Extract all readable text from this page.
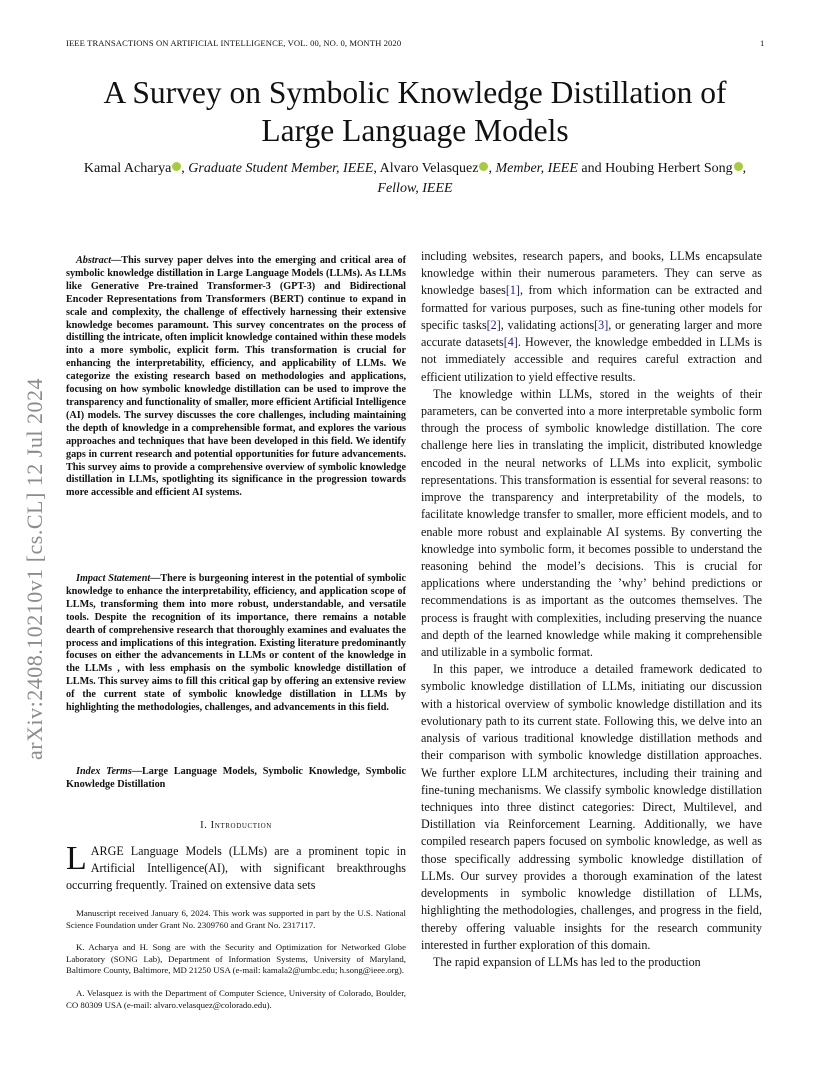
IEEE TRANSACTIONS ON ARTIFICIAL INTELLIGENCE, VOL. 00, NO. 0, MONTH 2020	1
A Survey on Symbolic Knowledge Distillation of
Large Language Models
Kamal Acharya , Graduate Student Member, IEEE, Alvaro Velasquez , Member, IEEE and Houbing Herbert Song , Fellow, IEEE
arXiv:2408.10210v1 [cs.CL] 12 Jul 2024

Abstract—This survey paper delves into the emerging and critical area of symbolic knowledge distillation in Large Language Models (LLMs). As LLMs like Generative Pre-trained Transformer-3 (GPT-3) and Bidirectional Encoder Representations from Transformers (BERT) continue to expand in scale and complexity, the challenge of effectively harnessing their extensive knowledge becomes paramount. This survey concentrates on the process of distilling the intricate, often implicit knowledge contained within these models into a more symbolic, explicit form. This transformation is crucial for enhancing the interpretability, efficiency, and applicability of LLMs. We categorize the existing research based on methodologies and applications, focusing on how symbolic knowledge distillation can be used to improve the transparency and functionality of smaller, more efficient Artificial Intelligence (AI) models. The survey discusses the core challenges, including maintaining the depth of knowledge in a comprehensible format, and explores the various approaches and techniques that have been developed in this field. We identify gaps in current research and potential opportunities for future advancements. This survey aims to provide a comprehensive overview of symbolic knowledge distillation in LLMs, spotlighting its significance in the progression towards more accessible and efficient AI systems.

Impact Statement—There is burgeoning interest in the potential of symbolic knowledge to enhance the interpretability, efficiency, and application scope of LLMs, transforming them into more robust, understandable, and versatile tools. Despite the recognition of its importance, there remains a notable dearth of comprehensive research that thoroughly examines and evaluates the process and implications of this integration. Existing literature predominantly focuses on either the advancements in LLMs or content of the knowledge in the LLMs , with less emphasis on the symbolic knowledge distillation of LLMs. This survey aims to fill this critical gap by offering an extensive review of the current state of symbolic knowledge distillation in LLMs by highlighting the methodologies, challenges, and advancements in this field.

Index Terms—Large Language Models, Symbolic Knowledge, Symbolic Knowledge Distillation

I. Introduction

LARGE Language Models (LLMs) are a prominent topic in Artificial Intelligence(AI), with significant breakthroughs occurring frequently. Trained on extensive data sets

Manuscript received January 6, 2024. This work was supported in part by the U.S. National Science Foundation under Grant No. 2309760 and Grant No. 2317117.

K. Acharya and H. Song are with the Security and Optimization for Networked Globe Laboratory (SONG Lab), Department of Information Systems, University of Maryland, Baltimore County, Baltimore, MD 21250 USA (e-mail: kamala2@umbc.edu; h.song@ieee.org).

A. Velasquez is with the Department of Computer Science, University of Colorado, Boulder, CO 80309 USA (e-mail: alvaro.velasquez@colorado.edu).

including websites, research papers, and books, LLMs encapsulate knowledge within their numerous parameters. They can serve as knowledge bases[1], from which information can be extracted and formatted for various purposes, such as fine-tuning other models for specific tasks[2], validating actions[3], or generating larger and more accurate datasets[4]. However, the knowledge embedded in LLMs is not immediately accessible and requires careful extraction and efficient utilization to yield effective results.

The knowledge within LLMs, stored in the weights of their parameters, can be converted into a more interpretable symbolic form through the process of symbolic knowledge distillation. The core challenge here lies in translating the implicit, distributed knowledge encoded in the neural networks of LLMs into explicit, symbolic representations. This transformation is essential for several reasons: to improve the transparency and interpretability of the models, to facilitate knowledge transfer to smaller, more efficient models, and to enable more robust and explainable AI systems. By converting the knowledge into symbolic form, it becomes possible to understand the reasoning behind the model’s decisions. This is crucial for applications where understanding the ’why’ behind predictions or recommendations is as important as the outcomes themselves. The process is fraught with complexities, including preserving the nuance and depth of the learned knowledge while making it comprehensible and utilizable in a symbolic format.

In this paper, we introduce a detailed framework dedicated to symbolic knowledge distillation of LLMs, initiating our discussion with a historical overview of symbolic knowledge distillation and its evolutionary path to its current state. Following this, we delve into an analysis of various traditional knowledge distillation methods and their comparison with symbolic knowledge distillation approaches. We further explore LLM architectures, including their training and fine-tuning mechanisms. We classify symbolic knowledge distillation techniques into three distinct categories: Direct, Multilevel, and Distillation via Reinforcement Learning. Additionally, we have compiled research papers focused on symbolic knowledge, as well as those specifically addressing symbolic knowledge distillation of LLMs. Our survey provides a thorough examination of the latest developments in symbolic knowledge distillation of LLMs, highlighting the methodologies, challenges, and progress in the field, thereby offering valuable insights for the research community interested in further exploration of this domain.

The rapid expansion of LLMs has led to the production
